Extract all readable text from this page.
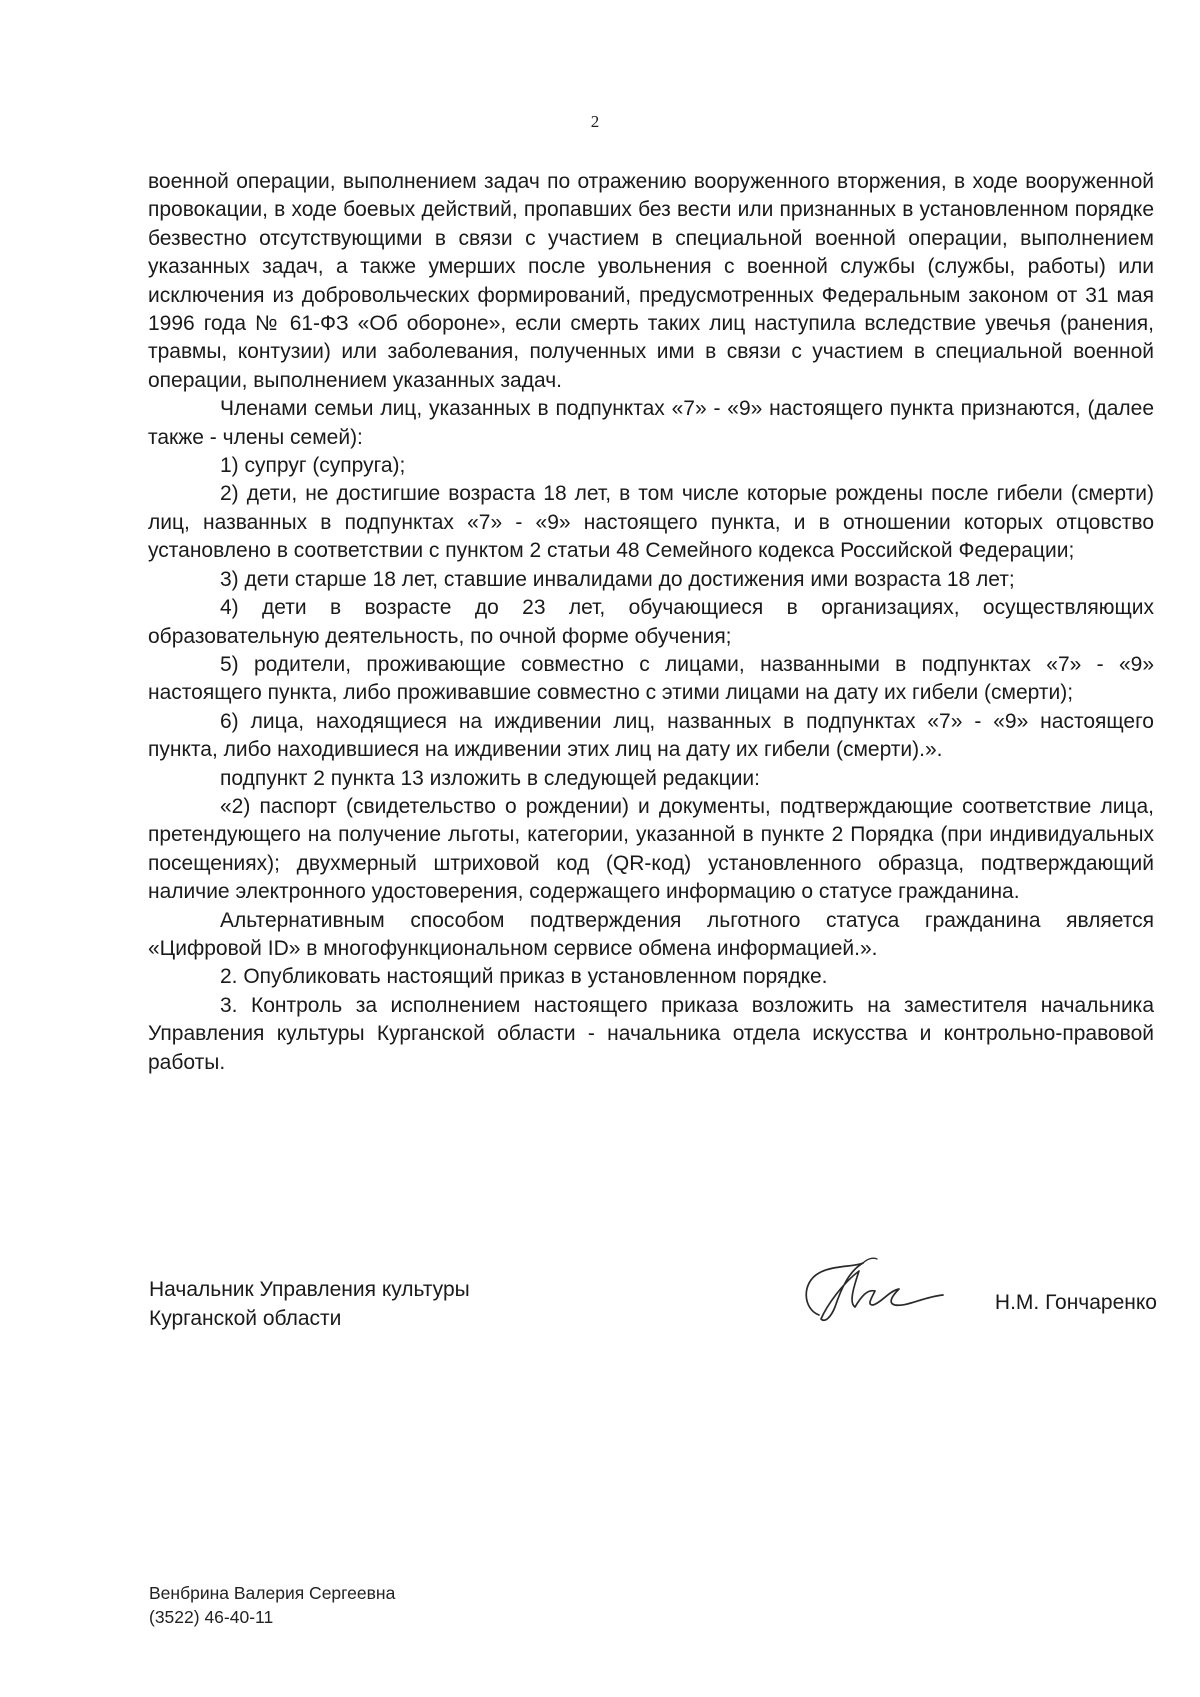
2

военной операции, выполнением задач по отражению вооруженного вторжения, в ходе вооруженной провокации, в ходе боевых действий, пропавших без вести или признанных в установленном порядке безвестно отсутствующими в связи с участием в специальной военной операции, выполнением указанных задач, а также умерших после увольнения с военной службы (службы, работы) или исключения из добровольческих формирований, предусмотренных Федеральным законом от 31 мая 1996 года № 61-ФЗ «Об обороне», если смерть таких лиц наступила вследствие увечья (ранения, травмы, контузии) или заболевания, полученных ими в связи с участием в специальной военной операции, выполнением указанных задач.

Членами семьи лиц, указанных в подпунктах «7» - «9» настоящего пункта признаются, (далее также - члены семей):

1) супруг (супруга);

2) дети, не достигшие возраста 18 лет, в том числе которые рождены после гибели (смерти) лиц, названных в подпунктах «7» - «9» настоящего пункта, и в отношении которых отцовство установлено в соответствии с пунктом 2 статьи 48 Семейного кодекса Российской Федерации;

3) дети старше 18 лет, ставшие инвалидами до достижения ими возраста 18 лет;

4) дети в возрасте до 23 лет, обучающиеся в организациях, осуществляющих образовательную деятельность, по очной форме обучения;

5) родители, проживающие совместно с лицами, названными в подпунктах «7» - «9» настоящего пункта, либо проживавшие совместно с этими лицами на дату их гибели (смерти);

6) лица, находящиеся на иждивении лиц, названных в подпунктах «7» - «9» настоящего пункта, либо находившиеся на иждивении этих лиц на дату их гибели (смерти).».

подпункт 2 пункта 13 изложить в следующей редакции:

«2) паспорт (свидетельство о рождении) и документы, подтверждающие соответствие лица, претендующего на получение льготы, категории, указанной в пункте 2 Порядка (при индивидуальных посещениях); двухмерный штриховой код (QR-код) установленного образца, подтверждающий наличие электронного удостоверения, содержащего информацию о статусе гражданина.

Альтернативным способом подтверждения льготного статуса гражданина является «Цифровой ID» в многофункциональном сервисе обмена информацией.».

2. Опубликовать настоящий приказ в установленном порядке.

3. Контроль за исполнением настоящего приказа возложить на заместителя начальника Управления культуры Курганской области - начальника отдела искусства и контрольно-правовой работы.

Начальник Управления культуры
Курганской области
Н.М. Гончаренко
Венбрина Валерия Сергеевна
(3522) 46-40-11
